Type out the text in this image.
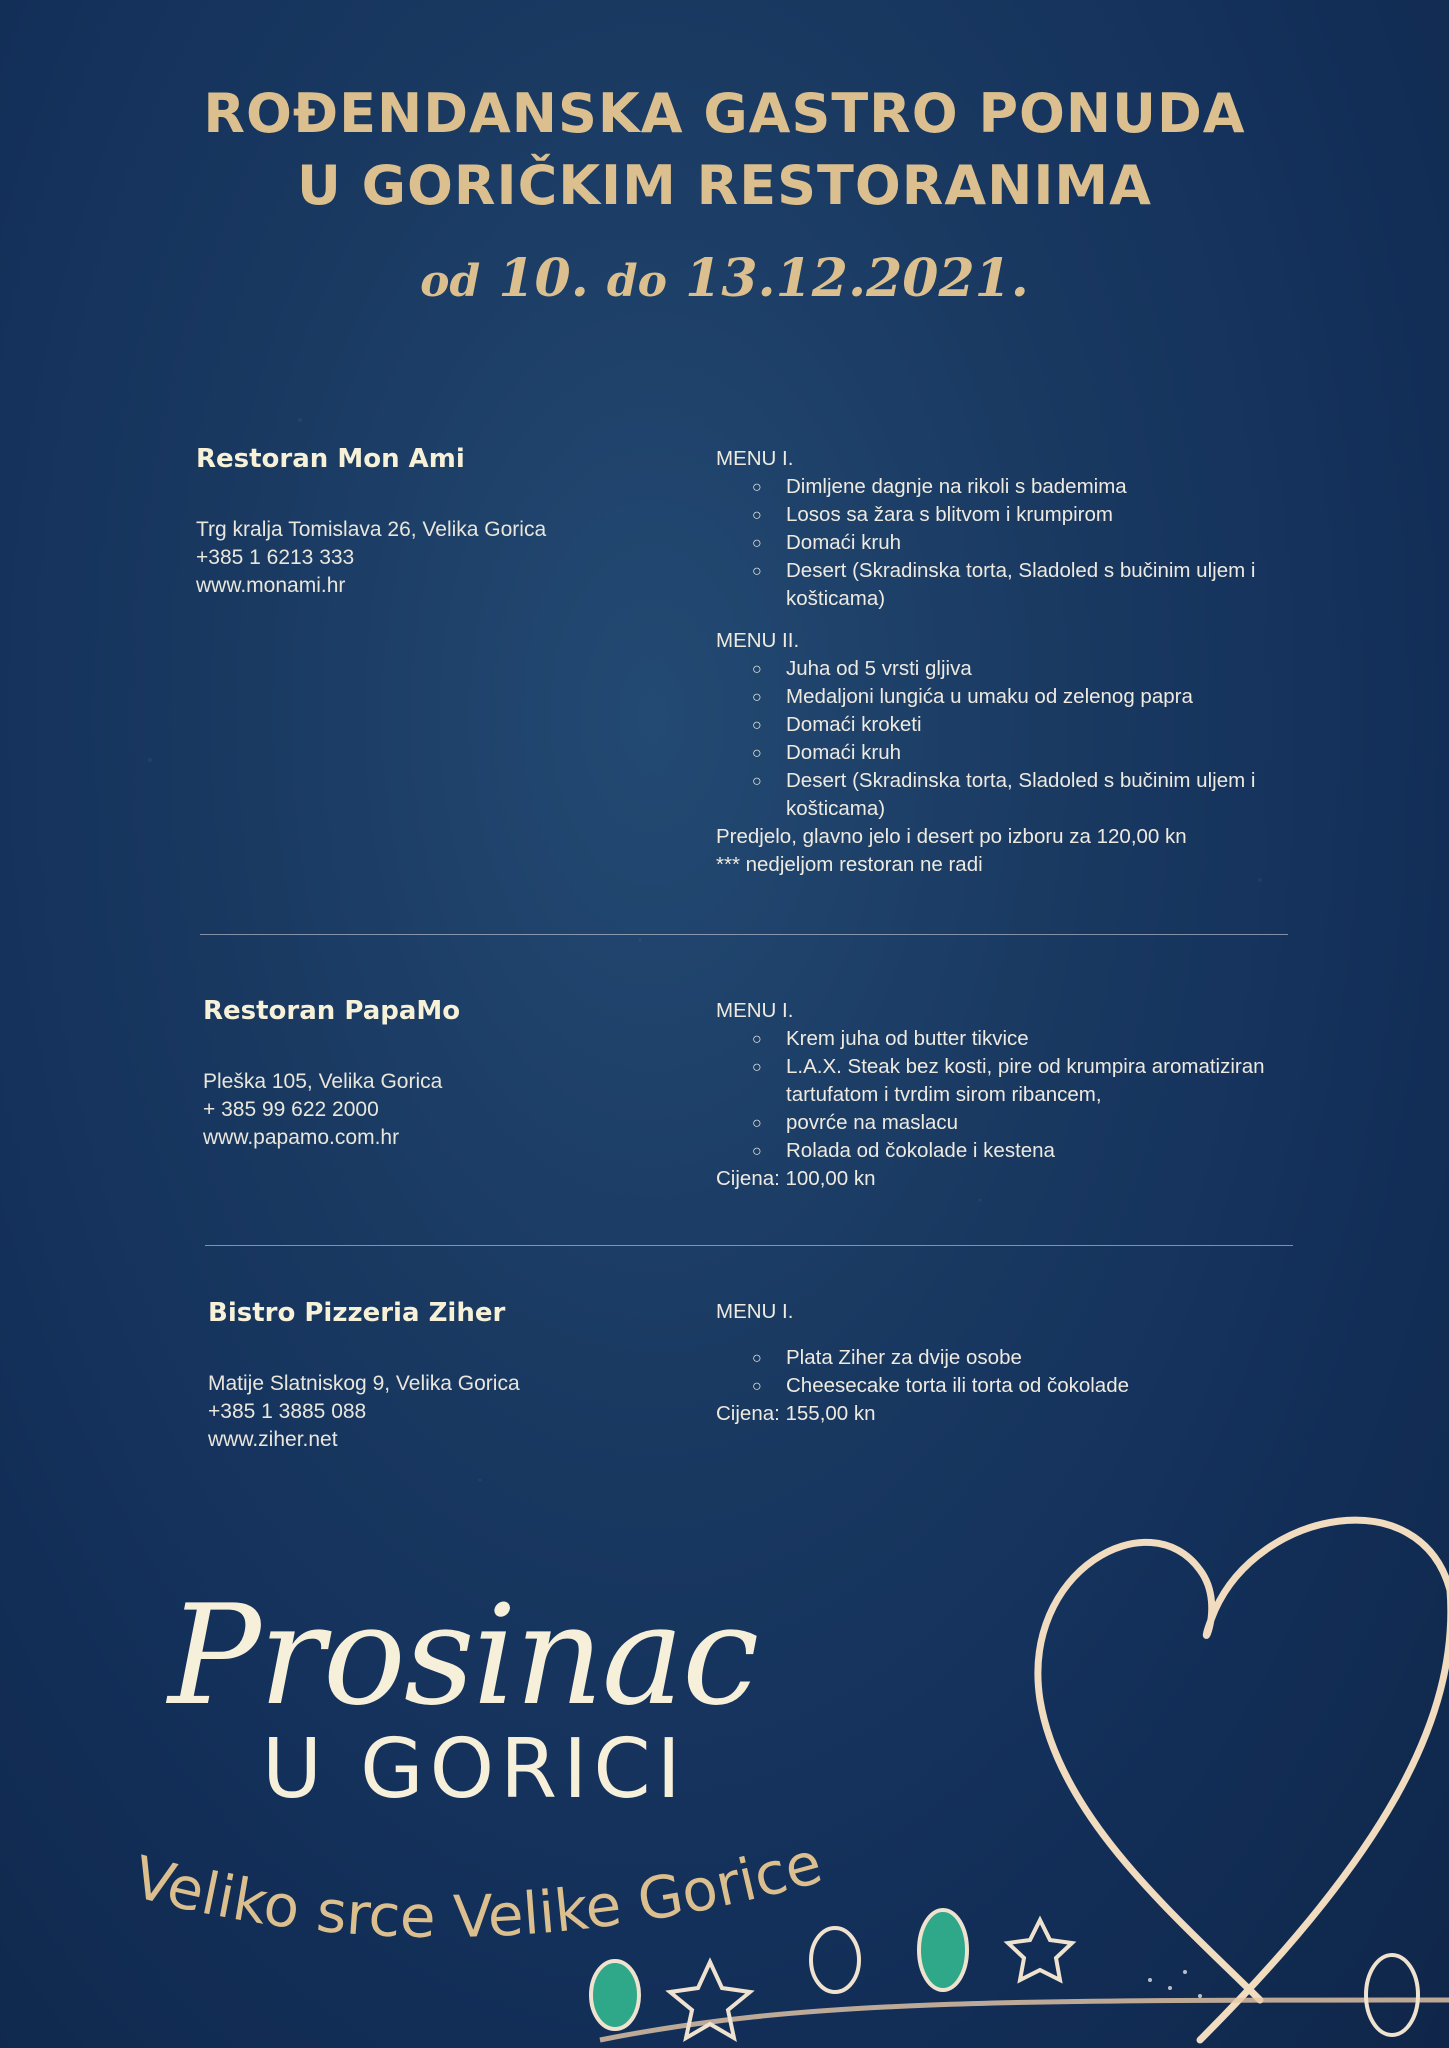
ROĐENDANSKA GASTRO PONUDA
U GORIČKIM RESTORANIMA
od 10. do 13.12.2021.
Restoran Mon Ami
Trg kralja Tomislava 26, Velika Gorica
+385 1 6213 333
www.monami.hr
MENU I.
○ Dimljene dagnje na rikoli s bademima
○ Losos sa žara s blitvom i krumpirom
○ Domaći kruh
○ Desert (Skradinska torta, Sladoled s bučinim uljem i košticama)
MENU II.
○ Juha od 5 vrsti gljiva
○ Medaljoni lungića u umaku od zelenog papra
○ Domaći kroketi
○ Domaći kruh
○ Desert (Skradinska torta, Sladoled s bučinim uljem i košticama)
Predjelo, glavno jelo i desert po izboru za 120,00 kn
*** nedjeljom restoran ne radi
Restoran PapaMo
Pleška 105, Velika Gorica
+ 385 99 622 2000
www.papamo.com.hr
MENU I.
○ Krem juha od butter tikvice
○ L.A.X. Steak bez kosti, pire od krumpira aromatiziran tartufatom i tvrdim sirom ribancem,
○ povrće na maslacu
○ Rolada od čokolade i kestena
Cijena: 100,00 kn
Bistro Pizzeria Ziher
Matije Slatniskog 9, Velika Gorica
+385 1 3885 088
www.ziher.net
MENU I.
○ Plata Ziher za dvije osobe
○ Cheesecake torta ili torta od čokolade
Cijena: 155,00 kn
Prosinac
U GORICI
Veliko srce Velike Gorice
